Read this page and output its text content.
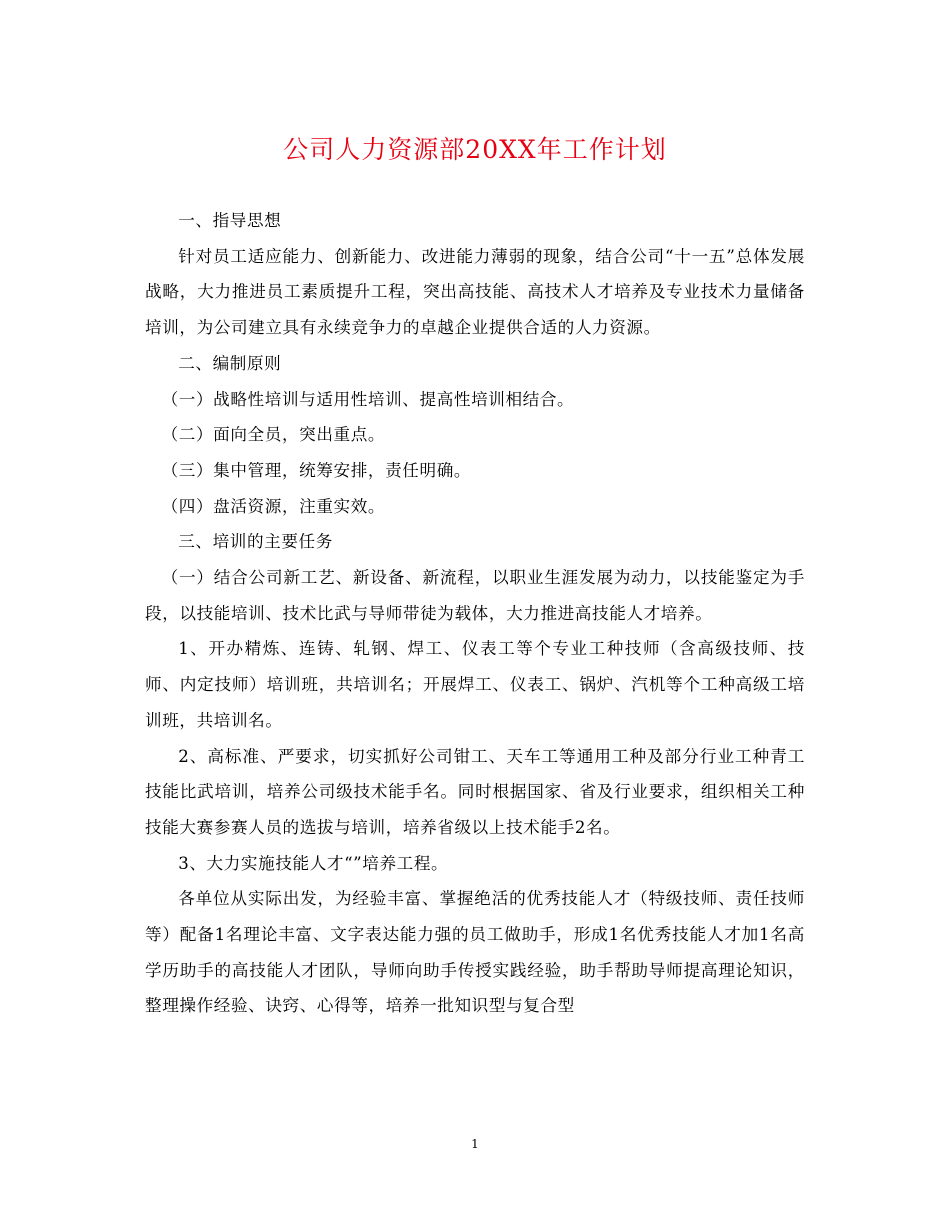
公司人力资源部20XX年工作计划

一、指导思想

针对员工适应能力、创新能力、改进能力薄弱的现象，结合公司“十一五”总体发展战略，大力推进员工素质提升工程，突出高技能、高技术人才培养及专业技术力量储备培训，为公司建立具有永续竞争力的卓越企业提供合适的人力资源。

二、编制原则

（一）战略性培训与适用性培训、提高性培训相结合。

（二）面向全员，突出重点。

（三）集中管理，统筹安排，责任明确。

（四）盘活资源，注重实效。

三、培训的主要任务

（一）结合公司新工艺、新设备、新流程，以职业生涯发展为动力，以技能鉴定为手段，以技能培训、技术比武与导师带徒为载体，大力推进高技能人才培养。

1、开办精炼、连铸、轧钢、焊工、仪表工等个专业工种技师（含高级技师、技师、内定技师）培训班，共培训名；开展焊工、仪表工、锅炉、汽机等个工种高级工培训班，共培训名。

2、高标准、严要求，切实抓好公司钳工、天车工等通用工种及部分行业工种青工技能比武培训，培养公司级技术能手名。同时根据国家、省及行业要求，组织相关工种技能大赛参赛人员的选拔与培训，培养省级以上技术能手2名。

3、大力实施技能人才“”培养工程。

各单位从实际出发，为经验丰富、掌握绝活的优秀技能人才（特级技师、责任技师等）配备1名理论丰富、文字表达能力强的员工做助手，形成1名优秀技能人才加1名高学历助手的高技能人才团队，导师向助手传授实践经验，助手帮助导师提高理论知识，整理操作经验、诀窍、心得等，培养一批知识型与复合型

1
